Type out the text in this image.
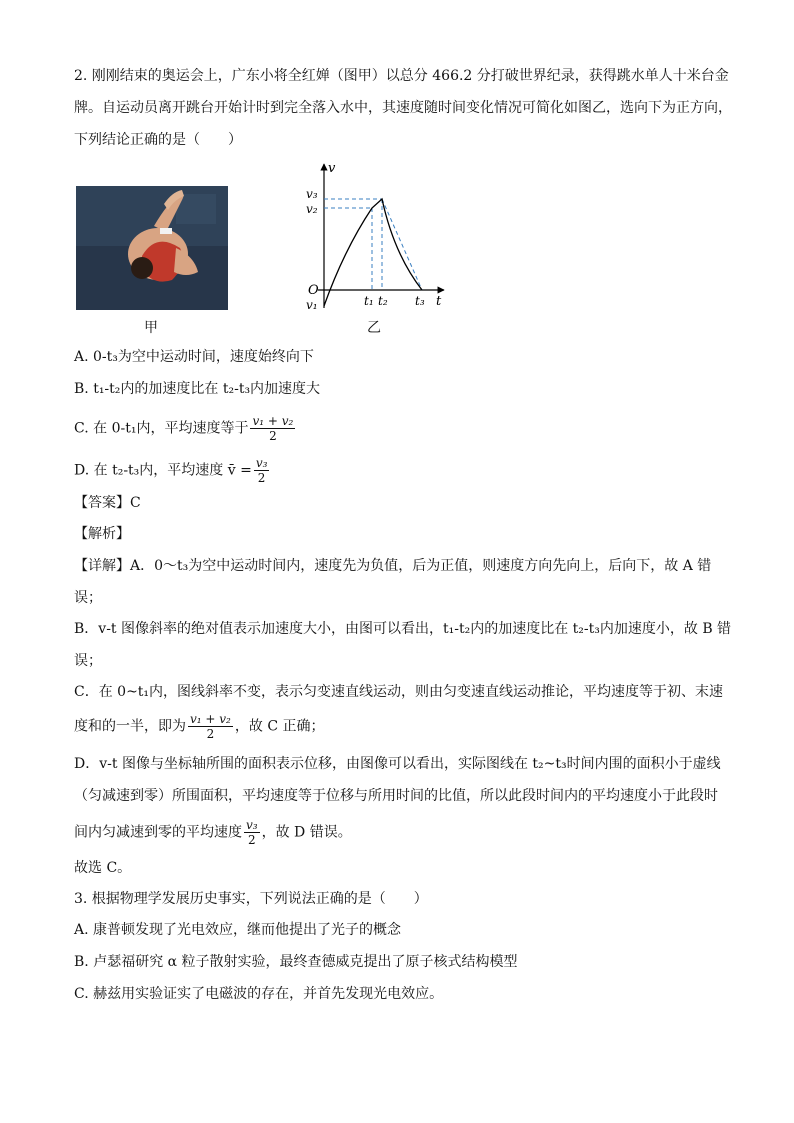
2. 刚刚结束的奥运会上，广东小将全红婵（图甲）以总分 466.2 分打破世界纪录，获得跳水单人十米台金
牌。自运动员离开跳台开始计时到完全落入水中，其速度随时间变化情况可简化如图乙，选向下为正方向，
下列结论正确的是（　　）
甲
v
t
O
v₃
v₂
v₁	t₁ t₂ t₃
乙
A. 0-t₃为空中运动时间，速度始终向下
B. t₁-t₂内的加速度比在 t₂-t₃内加速度大
C. 在 0-t₁内，平均速度等于 $\frac{\text{v₁ + v₂}}{2}$
D. 在 t₂-t₃内，平均速度 v̄ = $\frac{\text{v₃}}{2}$
【答案】C
【解析】
【详解】A．0～t₃为空中运动时间内，速度先为负值，后为正值，则速度方向先向上，后向下，故 A 错
误；
B．v-t 图像斜率的绝对值表示加速度大小，由图可以看出，t₁-t₂内的加速度比在 t₂-t₃内加速度小，故 B 错
误；
C．在 0~t₁内，图线斜率不变，表示匀变速直线运动，则由匀变速直线运动推论，平均速度等于初、末速
度和的一半，即为 $\frac{\text{v₁ + v₂}}{2}$ ，故 C 正确；
D．v-t 图像与坐标轴所围的面积表示位移，由图像可以看出，实际图线在 t₂~t₃时间内围的面积小于虚线
（匀减速到零）所围面积，平均速度等于位移与所用时间的比值，所以此段时间内的平均速度小于此段时
间内匀减速到零的平均速度 $\frac{\text{v₃}}{2}$ ，故 D 错误。
故选 C。
3. 根据物理学发展历史事实，下列说法正确的是（　　）
A. 康普顿发现了光电效应，继而他提出了光子的概念
B. 卢瑟福研究 α 粒子散射实验，最终查德威克提出了原子核式结构模型
C. 赫兹用实验证实了电磁波的存在，并首先发现光电效应。
